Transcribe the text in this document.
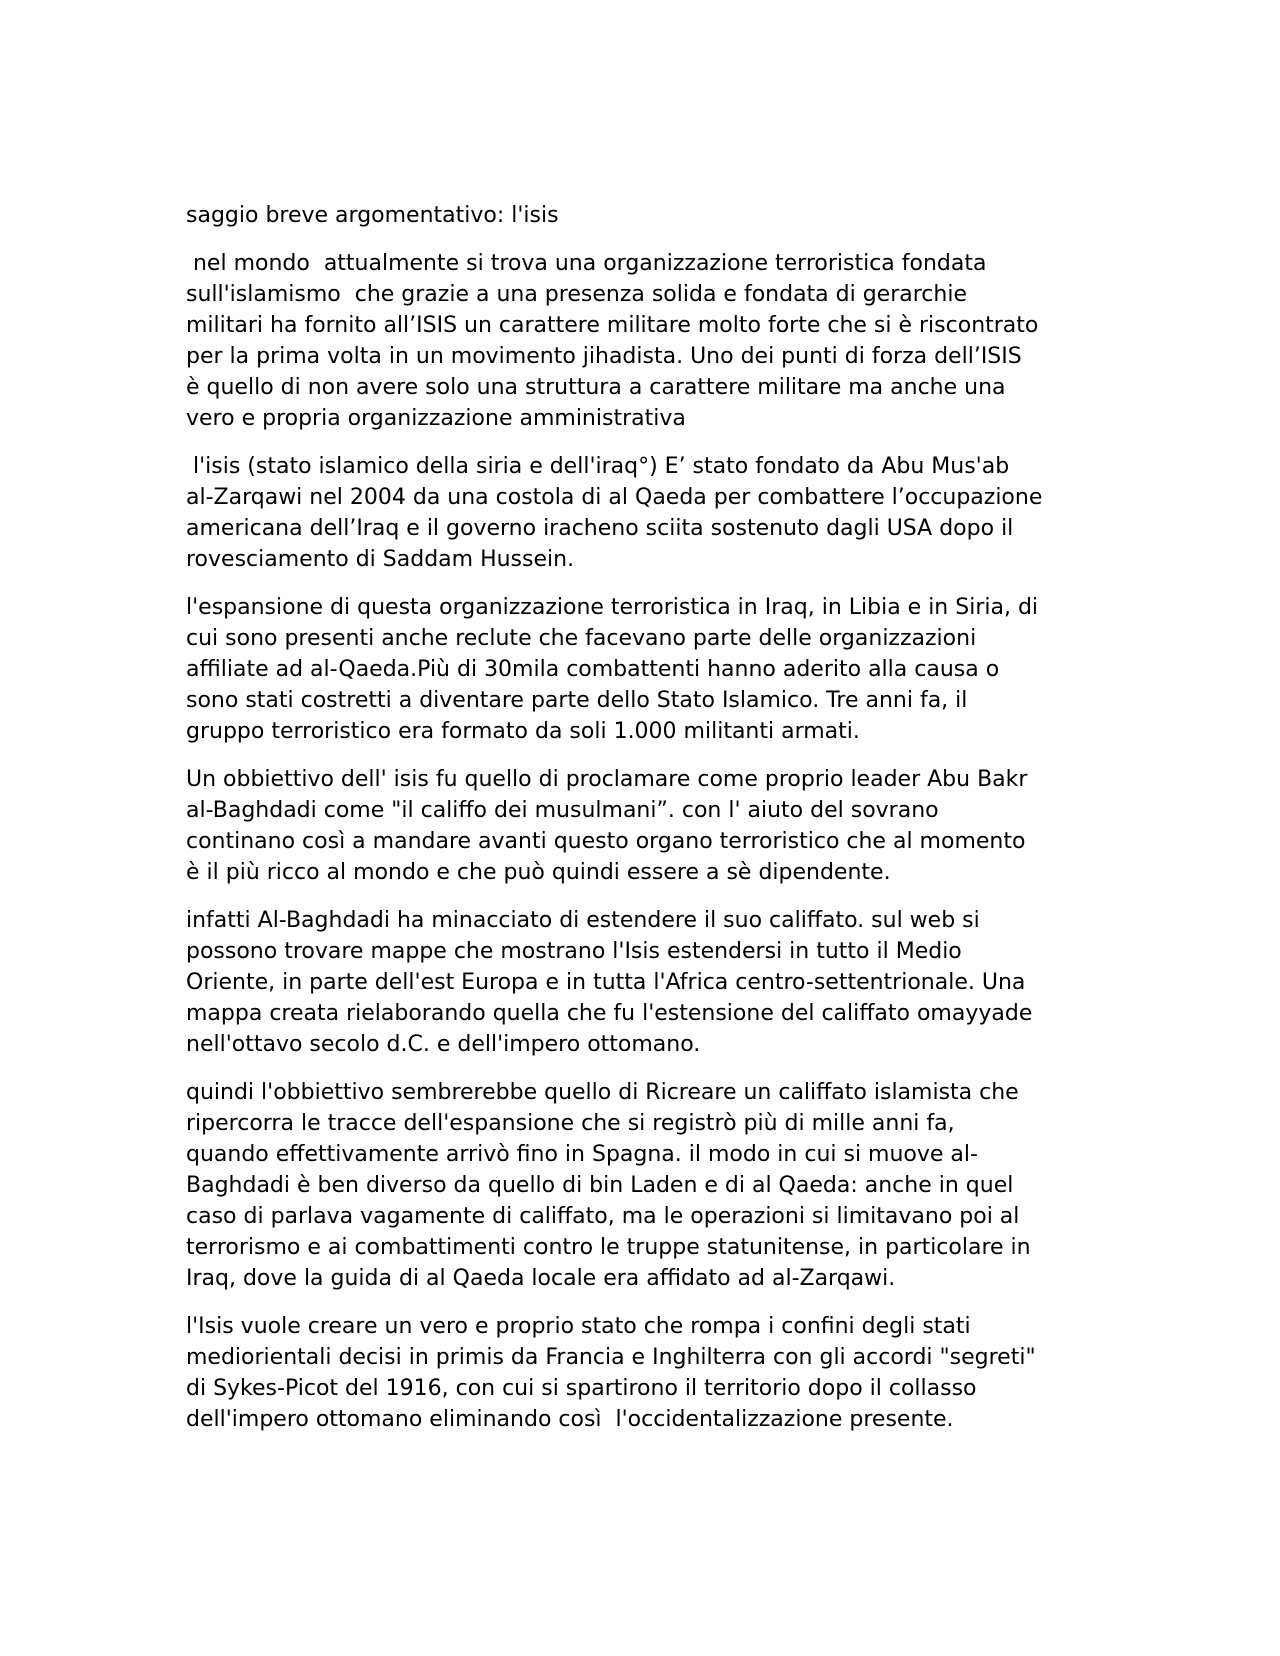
saggio breve argomentativo: l'isis
nel mondo  attualmente si trova una organizzazione terroristica fondata
sull'islamismo  che grazie a una presenza solida e fondata di gerarchie
militari ha fornito all’ISIS un carattere militare molto forte che si è riscontrato
per la prima volta in un movimento jihadista. Uno dei punti di forza dell’ISIS
è quello di non avere solo una struttura a carattere militare ma anche una
vero e propria organizzazione amministrativa
l'isis (stato islamico della siria e dell'iraq°) E’ stato fondato da Abu Mus'ab
al-Zarqawi nel 2004 da una costola di al Qaeda per combattere l’occupazione
americana dell’Iraq e il governo iracheno sciita sostenuto dagli USA dopo il
rovesciamento di Saddam Hussein.
l'espansione di questa organizzazione terroristica in Iraq, in Libia e in Siria, di
cui sono presenti anche reclute che facevano parte delle organizzazioni
affiliate ad al-Qaeda.Più di 30mila combattenti hanno aderito alla causa o
sono stati costretti a diventare parte dello Stato Islamico. Tre anni fa, il
gruppo terroristico era formato da soli 1.000 militanti armati.
Un obbiettivo dell' isis fu quello di proclamare come proprio leader Abu Bakr
al-Baghdadi come "il califfo dei musulmani”. con l' aiuto del sovrano
continano così a mandare avanti questo organo terroristico che al momento
è il più ricco al mondo e che può quindi essere a sè dipendente.
infatti Al-Baghdadi ha minacciato di estendere il suo califfato. sul web si
possono trovare mappe che mostrano l'Isis estendersi in tutto il Medio
Oriente, in parte dell'est Europa e in tutta l'Africa centro-settentrionale. Una
mappa creata rielaborando quella che fu l'estensione del califfato omayyade
nell'ottavo secolo d.C. e dell'impero ottomano.
quindi l'obbiettivo sembrerebbe quello di Ricreare un califfato islamista che
ripercorra le tracce dell'espansione che si registrò più di mille anni fa,
quando effettivamente arrivò fino in Spagna. il modo in cui si muove al-
Baghdadi è ben diverso da quello di bin Laden e di al Qaeda: anche in quel
caso di parlava vagamente di califfato, ma le operazioni si limitavano poi al
terrorismo e ai combattimenti contro le truppe statunitense, in particolare in
Iraq, dove la guida di al Qaeda locale era affidato ad al-Zarqawi.
l'Isis vuole creare un vero e proprio stato che rompa i confini degli stati
mediorientali decisi in primis da Francia e Inghilterra con gli accordi "segreti"
di Sykes-Picot del 1916, con cui si spartirono il territorio dopo il collasso
dell'impero ottomano eliminando così  l'occidentalizzazione presente.
